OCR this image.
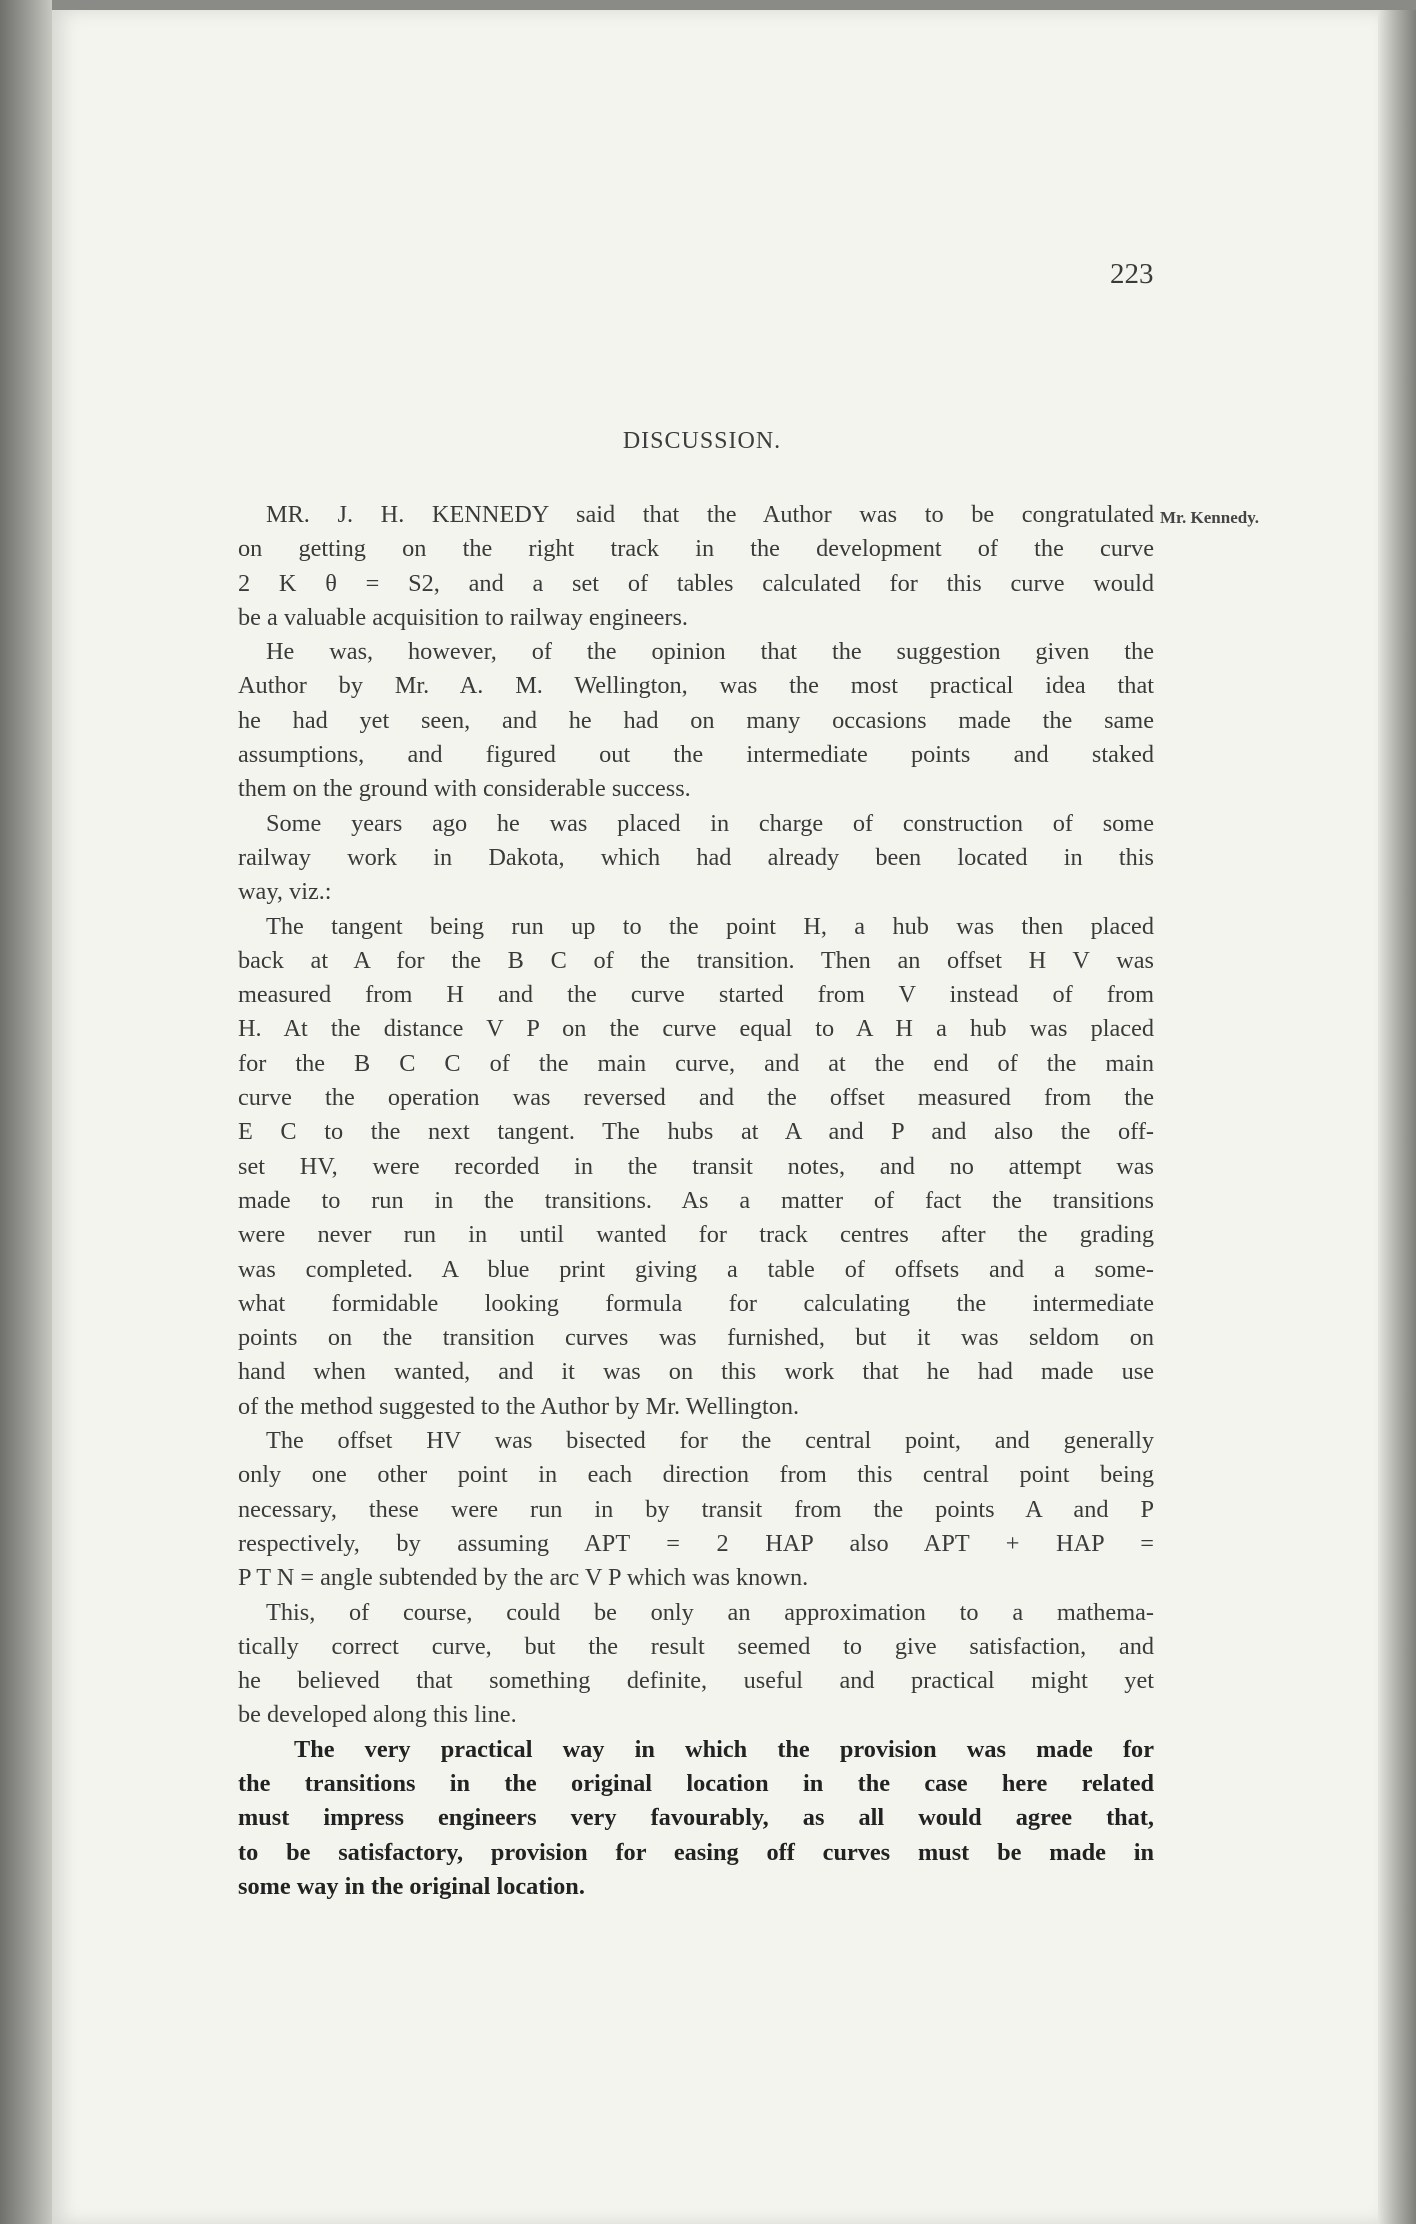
223
DISCUSSION.
Mr. Kennedy.
MR. J. H. KENNEDY said that the Author was to be congratulated
on getting on the right track in the development of the curve
2 K θ = S2, and a set of tables calculated for this curve would
be a valuable acquisition to railway engineers.
He was, however, of the opinion that the suggestion given the
Author by Mr. A. M. Wellington, was the most practical idea that
he had yet seen, and he had on many occasions made the same
assumptions, and figured out the intermediate points and staked
them on the ground with considerable success.
Some years ago he was placed in charge of construction of some
railway work in Dakota, which had already been located in this
way, viz.:
The tangent being run up to the point H, a hub was then placed
back at A for the B C of the transition. Then an offset H V was
measured from H and the curve started from V instead of from
H. At the distance V P on the curve equal to A H a hub was placed
for the B C C of the main curve, and at the end of the main
curve the operation was reversed and the offset measured from the
E C to the next tangent. The hubs at A and P and also the off-
set HV, were recorded in the transit notes, and no attempt was
made to run in the transitions. As a matter of fact the transitions
were never run in until wanted for track centres after the grading
was completed. A blue print giving a table of offsets and a some-
what formidable looking formula for calculating the intermediate
points on the transition curves was furnished, but it was seldom on
hand when wanted, and it was on this work that he had made use
of the method suggested to the Author by Mr. Wellington.
The offset HV was bisected for the central point, and generally
only one other point in each direction from this central point being
necessary, these were run in by transit from the points A and P
respectively, by assuming APT = 2 HAP also APT + HAP =
P T N = angle subtended by the arc V P which was known.
This, of course, could be only an approximation to a mathema-
tically correct curve, but the result seemed to give satisfaction, and
he believed that something definite, useful and practical might yet
be developed along this line.
The very practical way in which the provision was made for
the transitions in the original location in the case here related
must impress engineers very favourably, as all would agree that,
to be satisfactory, provision for easing off curves must be made in
some way in the original location.
